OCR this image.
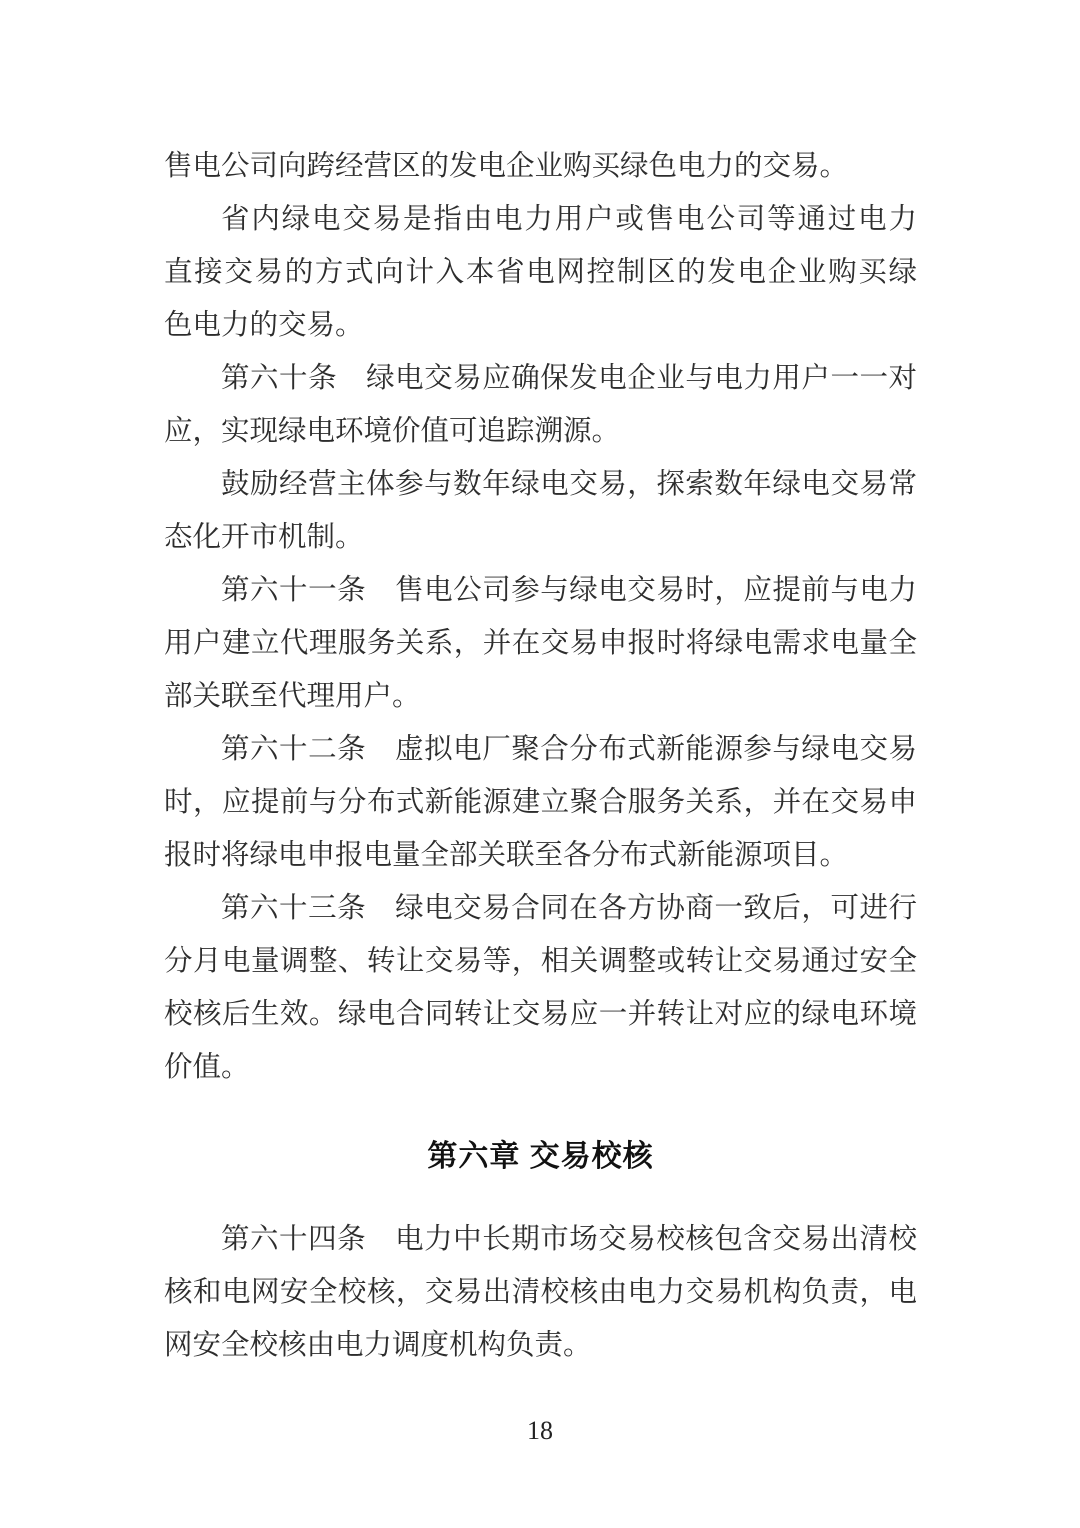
售电公司向跨经营区的发电企业购买绿色电力的交易。
省内绿电交易是指由电力用户或售电公司等通过电力
直接交易的方式向计入本省电网控制区的发电企业购买绿
色电力的交易。
第六十条　绿电交易应确保发电企业与电力用户一一对
应，实现绿电环境价值可追踪溯源。
鼓励经营主体参与数年绿电交易，探索数年绿电交易常
态化开市机制。
第六十一条　售电公司参与绿电交易时，应提前与电力
用户建立代理服务关系，并在交易申报时将绿电需求电量全
部关联至代理用户。
第六十二条　虚拟电厂聚合分布式新能源参与绿电交易
时，应提前与分布式新能源建立聚合服务关系，并在交易申
报时将绿电申报电量全部关联至各分布式新能源项目。
第六十三条　绿电交易合同在各方协商一致后，可进行
分月电量调整、转让交易等，相关调整或转让交易通过安全
校核后生效。绿电合同转让交易应一并转让对应的绿电环境
价值。
第六章 交易校核
第六十四条　电力中长期市场交易校核包含交易出清校
核和电网安全校核，交易出清校核由电力交易机构负责，电
网安全校核由电力调度机构负责。
18
